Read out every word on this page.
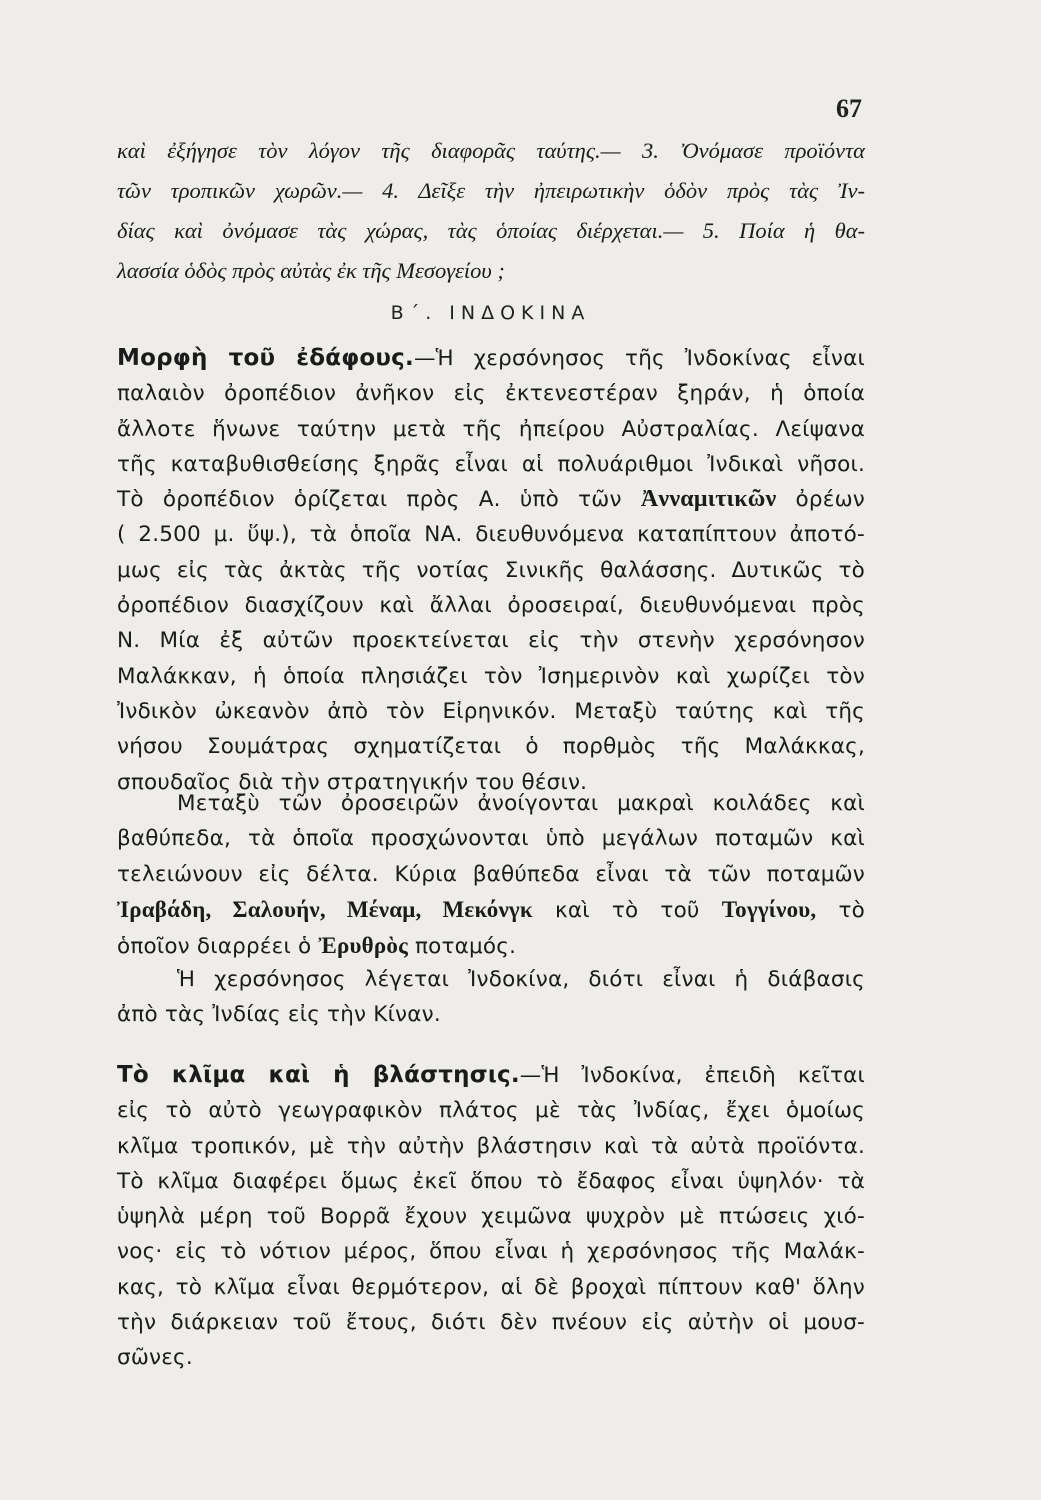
67
καὶ ἐξήγησε τὸν λόγον τῆς διαφορᾶς ταύτης.— 3. Ὀνόμασε προϊόντα
τῶν τροπικῶν χωρῶν.— 4. Δεῖξε τὴν ἠπειρωτικὴν ὁδὸν πρὸς τὰς Ἰν-
δίας καὶ ὀνόμασε τὰς χώρας, τὰς ὁποίας διέρχεται.— 5. Ποία ἡ θα-
λασσία ὁδὸς πρὸς αὐτὰς ἐκ τῆς Μεσογείου ;
Β΄. ΙΝΔΟΚΙΝΑ
Μορφὴ τοῦ ἐδάφους.—Ἡ χερσόνησος τῆς Ἰνδοκίνας εἶναι
παλαιὸν ὀροπέδιον ἀνῆκον εἰς ἐκτενεστέραν ξηράν, ἡ ὁποία
ἄλλοτε ἥνωνε ταύτην μετὰ τῆς ἠπείρου Αὐστραλίας. Λείψανα
τῆς καταβυθισθείσης ξηρᾶς εἶναι αἱ πολυάριθμοι Ἰνδικαὶ νῆσοι.
Τὸ ὀροπέδιον ὁρίζεται πρὸς Α. ὑπὸ τῶν Ἀνναμιτικῶν ὀρέων
( 2.500 μ. ὕψ.), τὰ ὁποῖα ΝΑ. διευθυνόμενα καταπίπτουν ἀποτό-
μως εἰς τὰς ἀκτὰς τῆς νοτίας Σινικῆς θαλάσσης. Δυτικῶς τὸ
ὀροπέδιον διασχίζουν καὶ ἄλλαι ὀροσειραί, διευθυνόμεναι πρὸς
Ν. Μία ἐξ αὐτῶν προεκτείνεται εἰς τὴν στενὴν χερσόνησον
Μαλάκκαν, ἡ ὁποία πλησιάζει τὸν Ἰσημερινὸν καὶ χωρίζει τὸν
Ἰνδικὸν ὠκεανὸν ἀπὸ τὸν Εἰρηνικόν. Μεταξὺ ταύτης καὶ τῆς
νήσου Σουμάτρας σχηματίζεται ὁ πορθμὸς τῆς Μαλάκκας,
σπουδαῖος διὰ τὴν στρατηγικήν του θέσιν.
Μεταξὺ τῶν ὀροσειρῶν ἀνοίγονται μακραὶ κοιλάδες καὶ
βαθύπεδα, τὰ ὁποῖα προσχώνονται ὑπὸ μεγάλων ποταμῶν καὶ
τελειώνουν εἰς δέλτα. Κύρια βαθύπεδα εἶναι τὰ τῶν ποταμῶν
Ἰραβάδη, Σαλουήν, Μέναμ, Μεκόνγκ καὶ τὸ τοῦ Τογγίνου, τὸ
ὁποῖον διαρρέει ὁ Ἐρυθρὸς ποταμός.
Ἡ χερσόνησος λέγεται Ἰνδοκίνα, διότι εἶναι ἡ διάβασις
ἀπὸ τὰς Ἰνδίας εἰς τὴν Κίναν.
Τὸ κλῖμα καὶ ἡ βλάστησις.—Ἡ Ἰνδοκίνα, ἐπειδὴ κεῖται
εἰς τὸ αὐτὸ γεωγραφικὸν πλάτος μὲ τὰς Ἰνδίας, ἔχει ὁμοίως
κλῖμα τροπικόν, μὲ τὴν αὐτὴν βλάστησιν καὶ τὰ αὐτὰ προϊόντα.
Τὸ κλῖμα διαφέρει ὅμως ἐκεῖ ὅπου τὸ ἔδαφος εἶναι ὑψηλόν· τὰ
ὑψηλὰ μέρη τοῦ Βορρᾶ ἔχουν χειμῶνα ψυχρὸν μὲ πτώσεις χιό-
νος· εἰς τὸ νότιον μέρος, ὅπου εἶναι ἡ χερσόνησος τῆς Μαλάκ-
κας, τὸ κλῖμα εἶναι θερμότερον, αἱ δὲ βροχαὶ πίπτουν καθ' ὅλην
τὴν διάρκειαν τοῦ ἔτους, διότι δὲν πνέουν εἰς αὐτὴν οἱ μουσ-
σῶνες.
